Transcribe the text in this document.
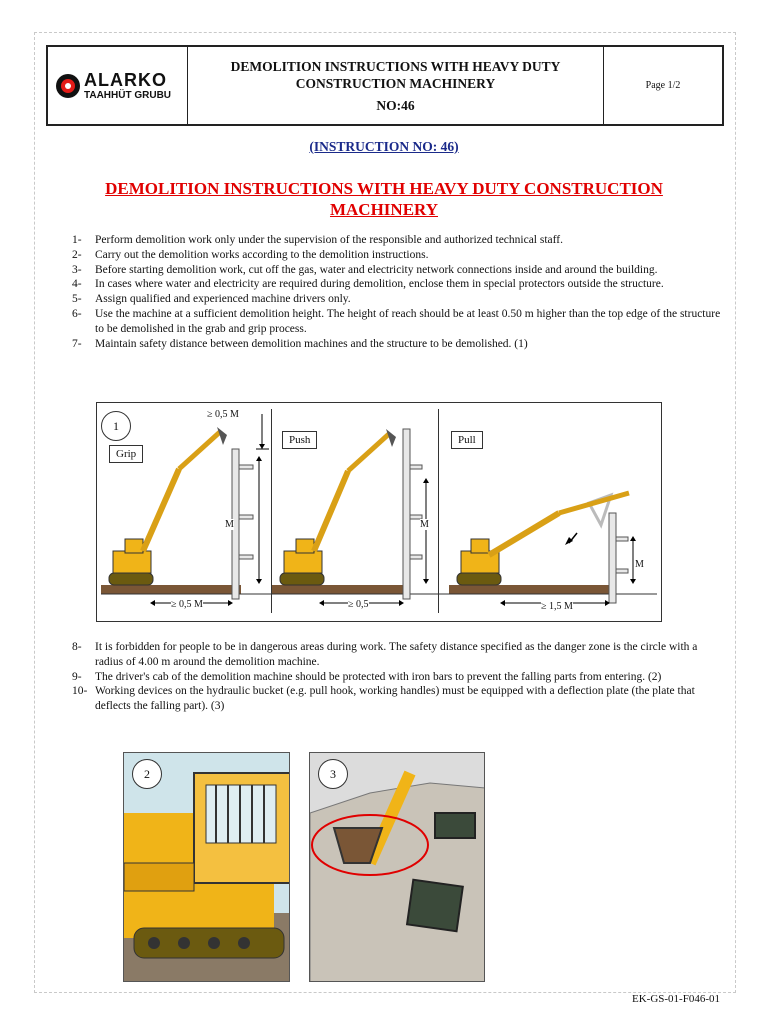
ALARKO
TAAHHÜT GRUBU
DEMOLITION INSTRUCTIONS WITH HEAVY DUTY
CONSTRUCTION MACHINERY
NO:46
Page 1/2
(INSTRUCTION NO: 46)
DEMOLITION INSTRUCTIONS WITH HEAVY DUTY CONSTRUCTION MACHINERY
1-	Perform demolition work only under the supervision of the responsible and authorized technical staff.
2-	Carry out the demolition works according to the demolition instructions.
3-	Before starting demolition work, cut off the gas, water and electricity network connections inside and around the building.
4-	In cases where water and electricity are required during demolition, enclose them in special protectors outside the structure.
5-	Assign qualified and experienced machine drivers only.
6-	Use the machine at a sufficient demolition height. The height of reach should be at least 0.50 m higher than the top edge of the structure to be demolished in the grab and grip process.
7-	Maintain safety distance between demolition machines and the structure to be demolished. (1)
1
Grip
≥ 0,5 M
M
≥ 0,5 M
Push
M
≥ 0,5
Pull
M
≥ 1,5 M
8-	It is forbidden for people to be in dangerous areas during work. The safety distance specified as the danger zone is the circle with a radius of 4.00 m around the demolition machine.
9-	The driver's cab of the demolition machine should be protected with iron bars to prevent the falling parts from entering. (2)
10- Working devices on the hydraulic bucket (e.g. pull hook, working handles) must be equipped with a deflection plate (the plate that deflects the falling part). (3)
2	3
EK-GS-01-F046-01
